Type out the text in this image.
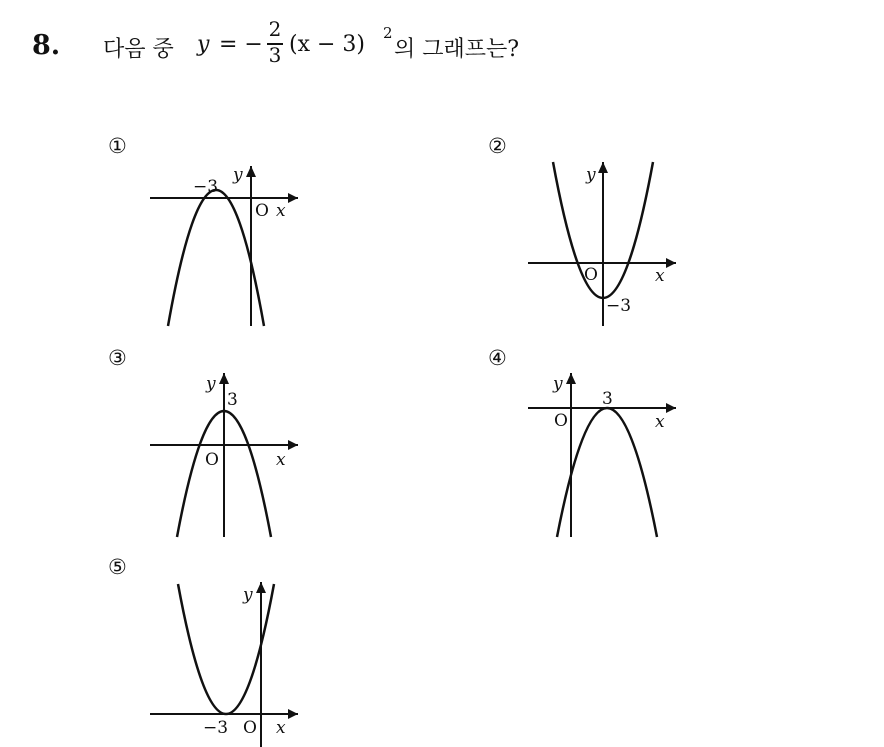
8. 다음 중 y = −
2
3 (x − 3) 2
의 그래프는?
①
−3
y
O x
②
y
O	x
−3
③
y
3
O	x
④
y
3
O	x
⑤
y
−3 O x
